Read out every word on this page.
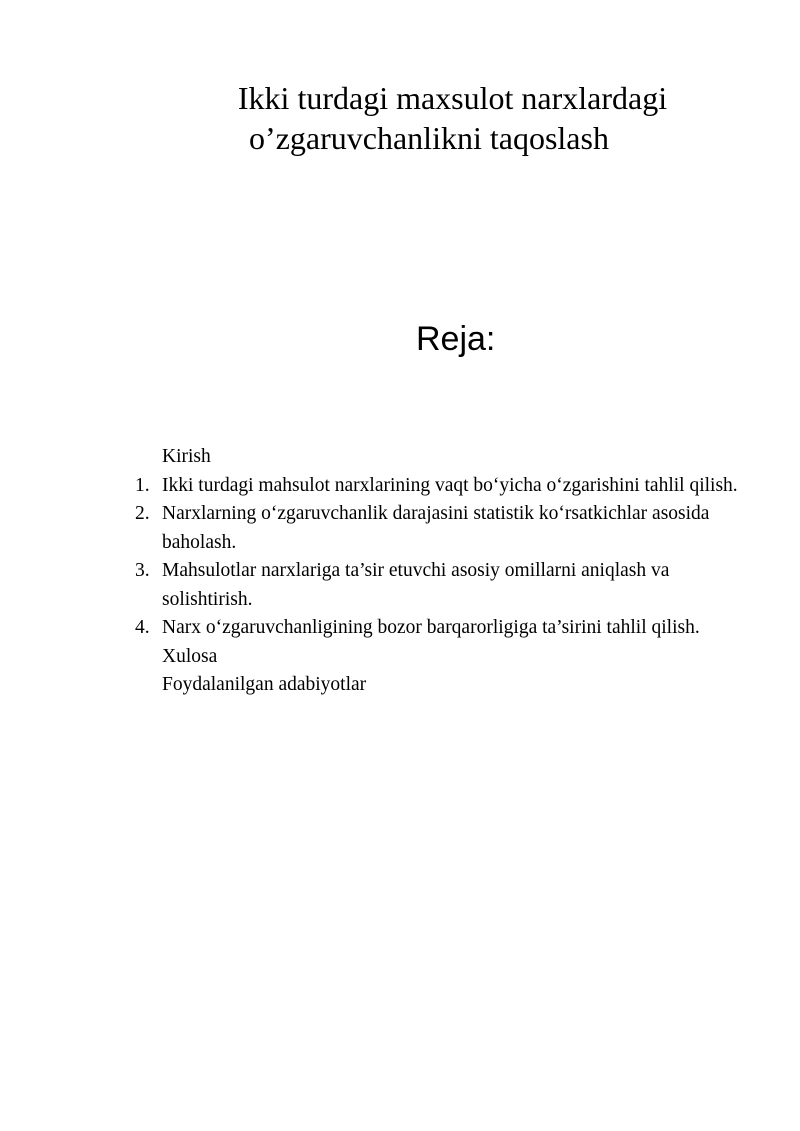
Ikki turdagi maxsulot narxlardagi
o’zgaruvchanlikni taqoslash
Reja:
Kirish
1. Ikki turdagi mahsulot narxlarining vaqt bo‘yicha o‘zgarishini tahlil qilish.
2. Narxlarning o‘zgaruvchanlik darajasini statistik ko‘rsatkichlar asosida baholash.
3. Mahsulotlar narxlariga ta’sir etuvchi asosiy omillarni aniqlash va solishtirish.
4. Narx o‘zgaruvchanligining bozor barqarorligiga ta’sirini tahlil qilish.
Xulosa
Foydalanilgan adabiyotlar
